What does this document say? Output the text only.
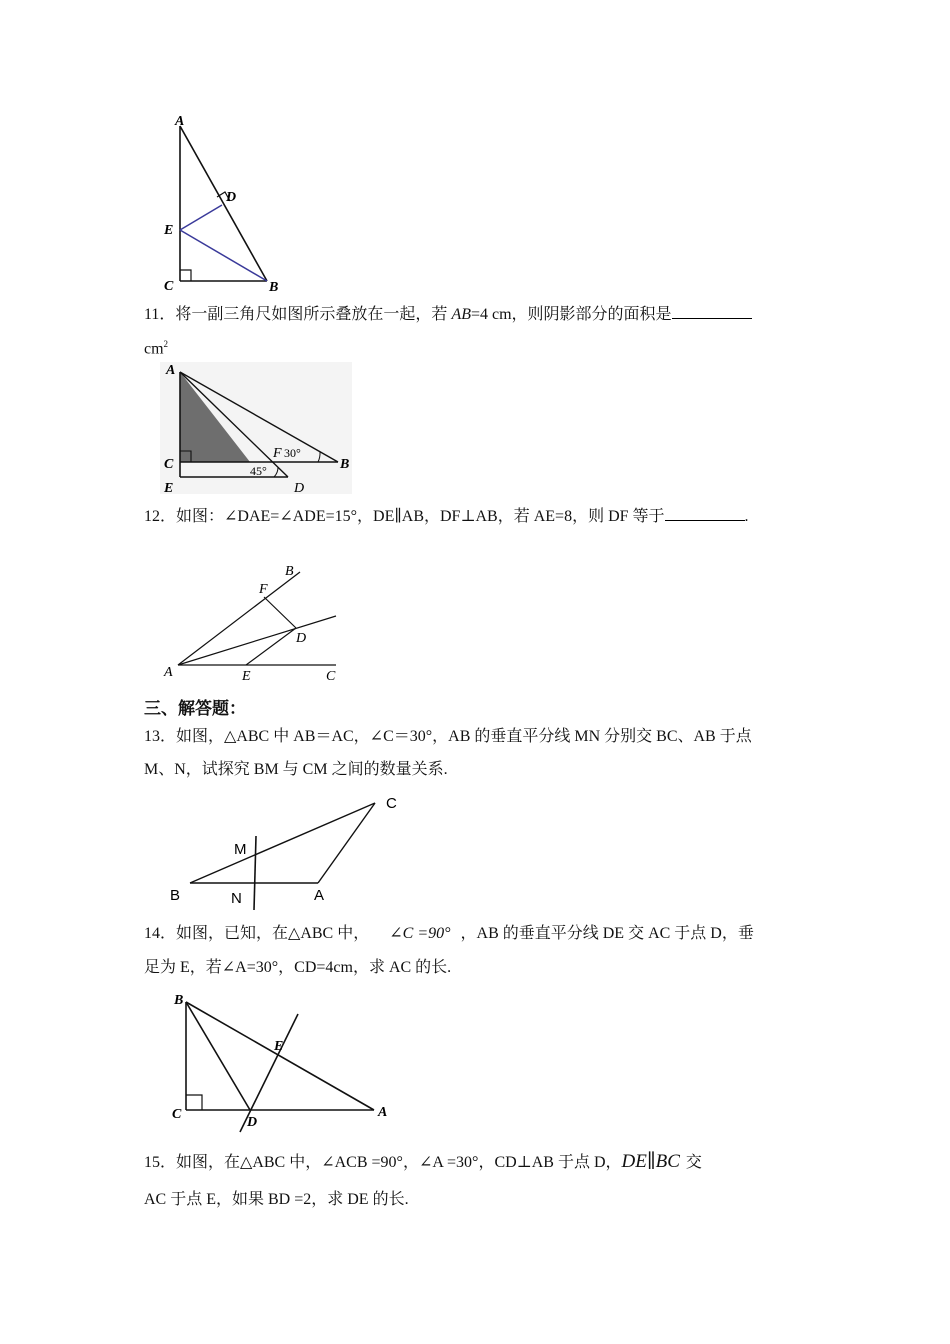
A
D
E
C	B
11．将一副三角尺如图所示叠放在一起，若 AB=4 cm，则阴影部分的面积是
$cm^2$
A
C
E
F 30°
45°	B
D
12．如图：∠DAE=∠ADE=15°，DE∥AB，DF⊥AB，若 AE=8，则 DF 等于	.
B
F
D
A	E	C
三、解答题：
13．如图，△ABC 中 AB＝AC，∠C＝30°，AB 的垂直平分线 MN 分别交 BC、AB 于点
M、N，试探究 BM 与 CM 之间的数量关系.
C
M
B	N	A
14．如图，已知，在△ABC 中， ∠C =90° ，AB 的垂直平分线 DE 交 AC 于点 D，垂
足为 E，若∠A=30°，CD=4cm，求 AC 的长.
B
E
C
D
A
15．如图，在△ABC 中，∠ACB =90°，∠A =30°，CD⊥AB 于点 D，DE∥BC 交
AC 于点 E，如果 BD =2，求 DE 的长.
